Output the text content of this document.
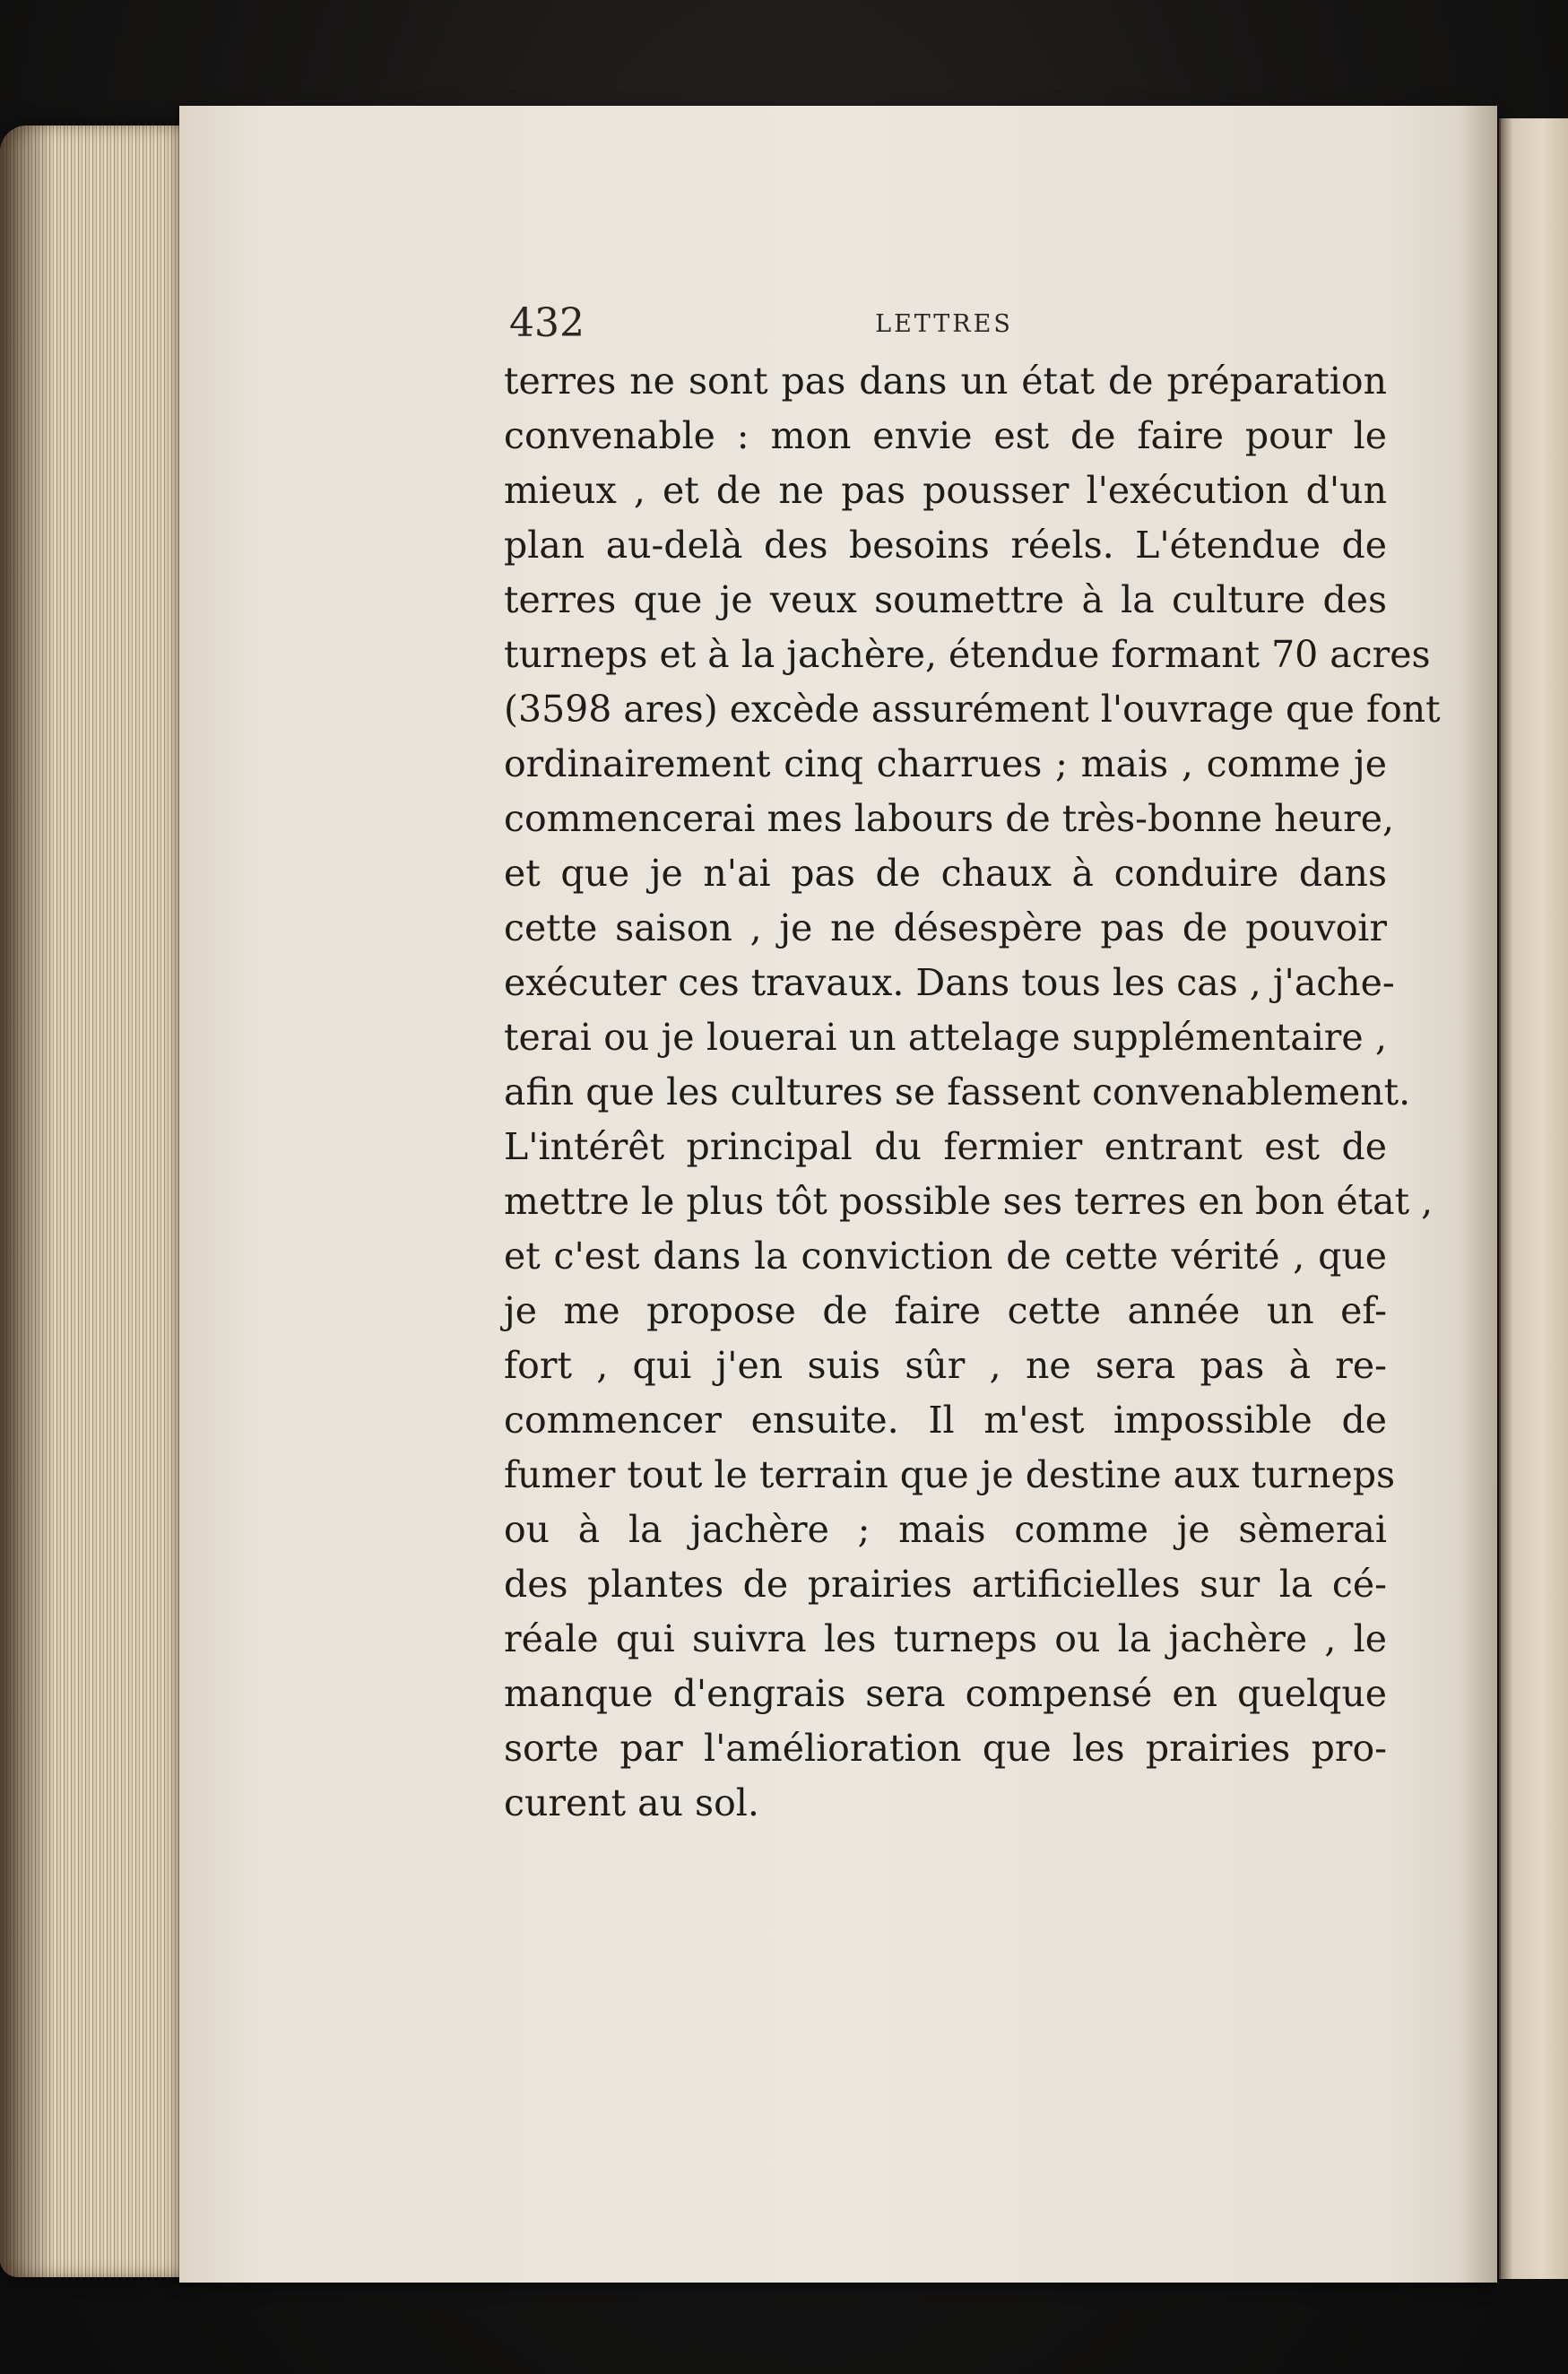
432	LETTRES
terres ne sont pas dans un état de préparation
convenable : mon envie est de faire pour le
mieux , et de ne pas pousser l'exécution d'un
plan au-delà des besoins réels. L'étendue de
terres que je veux soumettre à la culture des
turneps et à la jachère, étendue formant 70 acres
(3598 ares) excède assurément l'ouvrage que font
ordinairement cinq charrues ; mais , comme je
commencerai mes labours de très-bonne heure,
et que je n'ai pas de chaux à conduire dans
cette saison , je ne désespère pas de pouvoir
exécuter ces travaux. Dans tous les cas , j'ache-
terai ou je louerai un attelage supplémentaire ,
afin que les cultures se fassent convenablement.
L'intérêt principal du fermier entrant est de
mettre le plus tôt possible ses terres en bon état ,
et c'est dans la conviction de cette vérité , que
je me propose de faire cette année un ef-
fort , qui j'en suis sûr , ne sera pas à re-
commencer ensuite. Il m'est impossible de
fumer tout le terrain que je destine aux turneps
ou à la jachère ; mais comme je sèmerai
des plantes de prairies artificielles sur la cé-
réale qui suivra les turneps ou la jachère , le
manque d'engrais sera compensé en quelque
sorte par l'amélioration que les prairies pro-
curent au sol.
